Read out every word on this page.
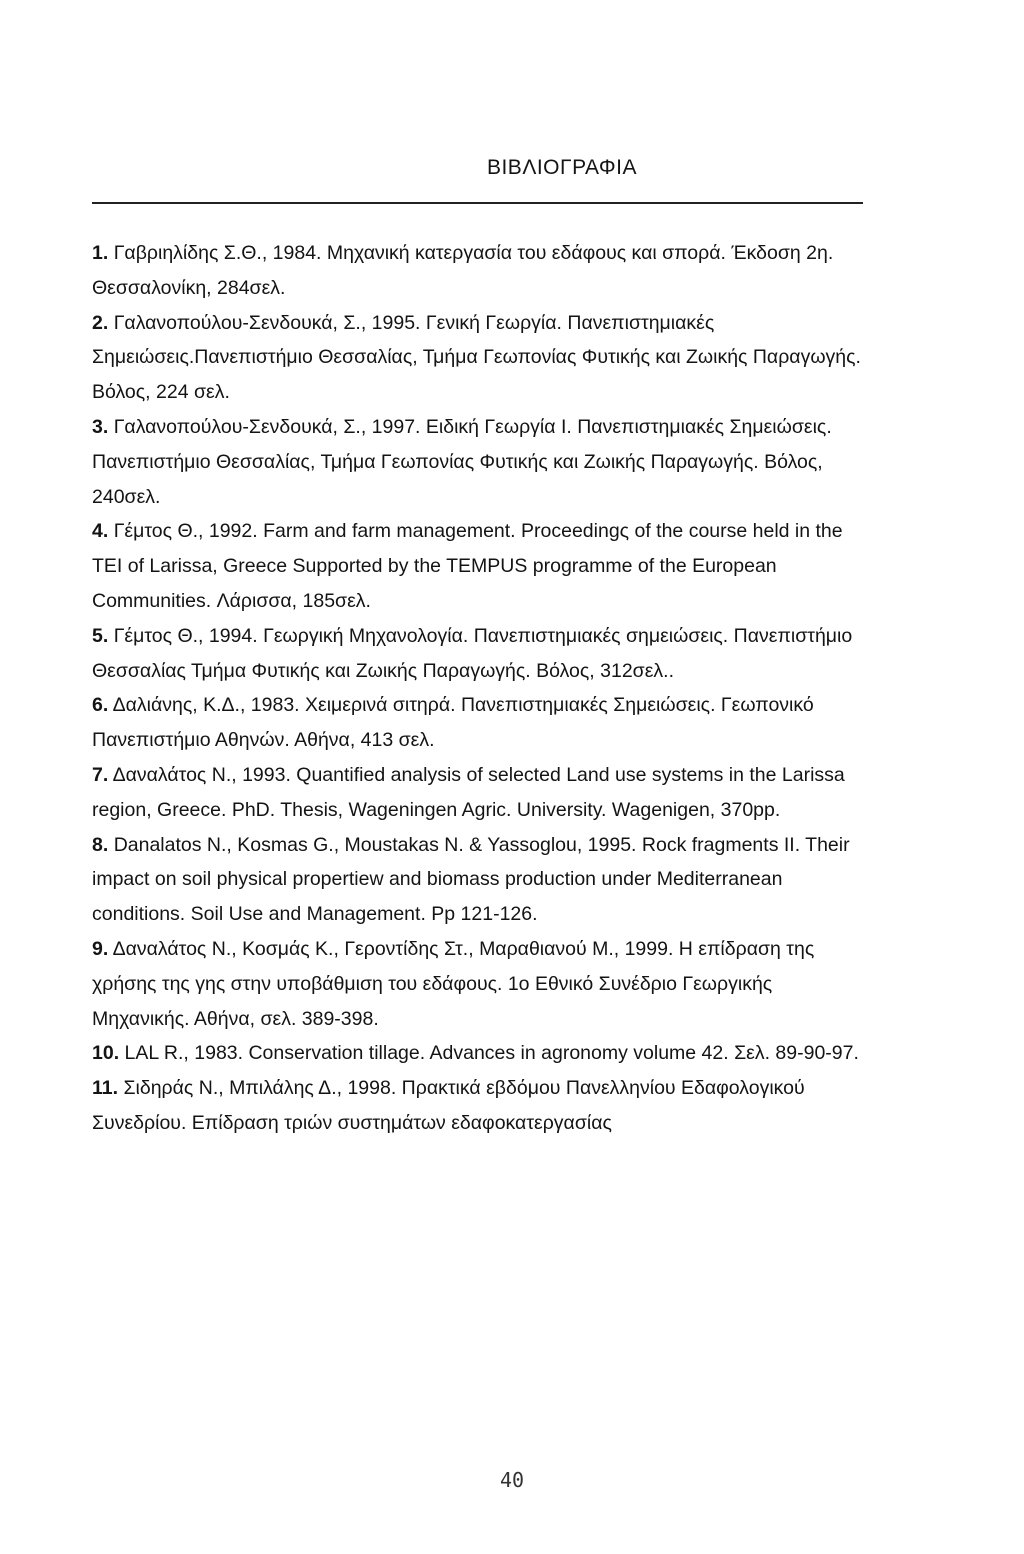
ΒΙΒΛΙΟΓΡΑΦΙΑ

1. Γαβριηλίδης Σ.Θ., 1984. Μηχανική κατεργασία του εδάφους και σπορά. Έκδοση 2η. Θεσσαλονίκη, 284σελ.

2. Γαλανοπούλου-Σενδουκά, Σ., 1995. Γενική Γεωργία. Πανεπιστημιακές Σημειώσεις.Πανεπιστήμιο Θεσσαλίας, Τμήμα Γεωπονίας Φυτικής και Ζωικής Παραγωγής. Βόλος, 224 σελ.

3. Γαλανοπούλου-Σενδουκά, Σ., 1997. Ειδική Γεωργία Ι. Πανεπιστημιακές Σημειώσεις. Πανεπιστήμιο Θεσσαλίας, Τμήμα Γεωπονίας Φυτικής και Ζωικής Παραγωγής. Βόλος, 240σελ.

4. Γέμτος Θ., 1992. Farm and farm management. Proceedingς of the course held in the TEI of Larissa, Greece Supported by the TEMPUS programme of the European Communities. Λάρισσα, 185σελ.

5. Γέμτος Θ., 1994. Γεωργική Μηχανολογία. Πανεπιστημιακές σημειώσεις. Πανεπιστήμιο Θεσσαλίας Τμήμα Φυτικής και Ζωικής Παραγωγής. Βόλος, 312σελ..

6. Δαλιάνης, Κ.Δ., 1983. Χειμερινά σιτηρά. Πανεπιστημιακές Σημειώσεις. Γεωπονικό Πανεπιστήμιο Αθηνών. Αθήνα, 413 σελ.

7. Δαναλάτος Ν., 1993. Quantified analysis of selected Land use systems in the Larissa region, Greece. PhD. Thesis, Wageningen Agric. University. Wagenigen, 370pp.

8. Danalatos N., Kosmas G., Moustakas N. & Yassoglou, 1995. Rock fragments II. Their impact on soil physical propertiew and biomass production under Mediterranean conditions. Soil Use and Management. Pp 121-126.

9. Δαναλάτος Ν., Κοσμάς Κ., Γεροντίδης Στ., Μαραθιανού Μ., 1999. Η επίδραση της χρήσης της γης στην υποβάθμιση του εδάφους. 1ο Εθνικό Συνέδριο Γεωργικής Μηχανικής. Αθήνα, σελ. 389-398.

10. LAL R., 1983. Conservation tillage. Advances in agronomy volume 42. Σελ. 89-90-97.

11. Σιδηράς Ν., Μπιλάλης Δ., 1998. Πρακτικά εβδόμου Πανελληνίου Εδαφολογικού Συνεδρίου. Επίδραση τριών συστημάτων εδαφοκατεργασίας

40
